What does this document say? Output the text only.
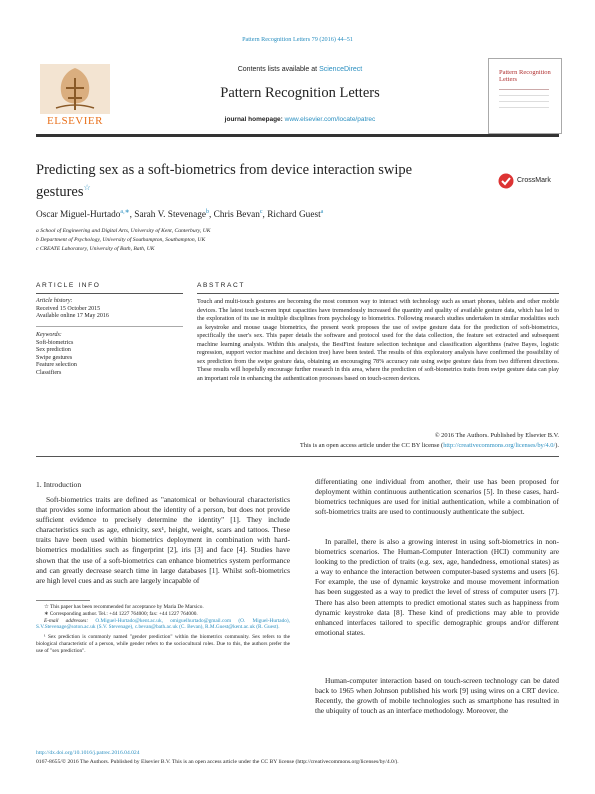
Pattern Recognition Letters 79 (2016) 44–51
ELSEVIER
Contents lists available at ScienceDirect
Pattern Recognition Letters
journal homepage: www.elsevier.com/locate/patrec
Pattern Recognition Letters
Predicting sex as a soft-biometrics from device interaction swipe
gestures☆
CrossMark
Oscar Miguel-Hurtado$^{a,∗}$, Sarah V. Stevenage$^b$, Chris Bevan$^c$, Richard Guest$^a$
a School of Engineering and Digital Arts, University of Kent, Canterbury, UK
b Department of Psychology, University of Southampton, Southampton, UK
c CREATE Laboratory, University of Bath, Bath, UK
ARTICLE INFO	ABSTRACT
Article history:
Received 15 October 2015
Available online 17 May 2016
Keywords:
Soft-biometrics
Sex prediction
Swipe gestures
Feature selection
Classifiers
Touch and multi-touch gestures are becoming the most common way to interact with technology such as smart phones, tablets and other mobile devices. The latest touch-screen input capacities have tremendously increased the quantity and quality of available gesture data, which has led to the exploration of its use in multiple disciplines from psychology to biometrics. Following research studies undertaken in similar modalities such as keystroke and mouse usage biometrics, the present work proposes the use of swipe gesture data for the prediction of soft-biometrics, specifically the user's sex. This paper details the software and protocol used for the data collection, the feature set extracted and subsequent machine learning analysis. Within this analysis, the BestFirst feature selection technique and classification algorithms (naïve Bayes, logistic regression, support vector machine and decision tree) have been tested. The results of this exploratory analysis have confirmed the possibility of sex prediction from the swipe gesture data, obtaining an encouraging 78% accuracy rate using swipe gesture data from two different directions. These results will hopefully encourage further research in this area, where the prediction of soft-biometrics traits from swipe gesture data can play an important role in enhancing the authentication processes based on touch-screen devices.
© 2016 The Authors. Published by Elsevier B.V.
This is an open access article under the CC BY license (http://creativecommons.org/licenses/by/4.0/).
1. Introduction
Soft-biometrics traits are defined as "anatomical or behavioural characteristics that provides some information about the identity of a person, but does not provide sufficient evidence to precisely determine the identity" [1]. They include characteristics such as age, ethnicity, sex¹, height, weight, scars and tattoos. These traits have been used within biometrics deployment in combination with hard-biometrics modalities such as fingerprint [2], iris [3] and face [4]. Studies have shown that the use of a soft-biometrics can enhance biometrics system performance and can greatly decrease search time in large databases [1]. Whilst soft-biometrics are high level cues and as such are largely incapable of
differentiating one individual from another, their use has been proposed for deployment within continuous authentication scenarios [5]. In these cases, hard-biometrics techniques are used for initial authentication, while a combination of soft-biometrics traits are used to continuously authenticate the subject.
In parallel, there is also a growing interest in using soft-biometrics in non-biometrics scenarios. The Human-Computer Interaction (HCI) community are looking to the prediction of traits (e.g. sex, age, handedness, emotional states) as a way to enhance the interaction between computer-based systems and users [6]. For example, the use of dynamic keystroke and mouse movement information has been suggested as a way to predict the level of stress of computer users [7]. There has also been attempts to predict emotional states such as happiness from dynamic keystroke data [8]. These kind of predictions may able to provide enhanced interfaces tailored to specific demographic groups and/or different emotional states.
Human-computer interaction based on touch-screen technology can be dated back to 1965 when Johnson published his work [9] using wires on a CRT device. Recently, the growth of mobile technologies such as smartphone has resulted in the ubiquity of touch as an interface methodology. Moreover, the
☆ This paper has been recommended for acceptance by Maria De Marsico.
∗ Corresponding author. Tel.: +44 1227 764000; fax: +44 1227 764000.
E-mail addresses: O.Miguel-Hurtado@kent.ac.uk, omiguelhurtado@gmail.com (O. Miguel-Hurtado), S.V.Stevenage@soton.ac.uk (S.V. Stevenage), c.bevan@bath.ac.uk (C. Bevan), R.M.Guest@kent.ac.uk (R. Guest).
¹ Sex prediction is commonly named "gender prediction" within the biometrics community. Sex refers to the biological characteristic of a person, while gender refers to the sociocultural roles. Due to this, the authors prefer the use of "sex prediction".
http://dx.doi.org/10.1016/j.patrec.2016.04.024
0167-8655/© 2016 The Authors. Published by Elsevier B.V. This is an open access article under the CC BY license (http://creativecommons.org/licenses/by/4.0/).
